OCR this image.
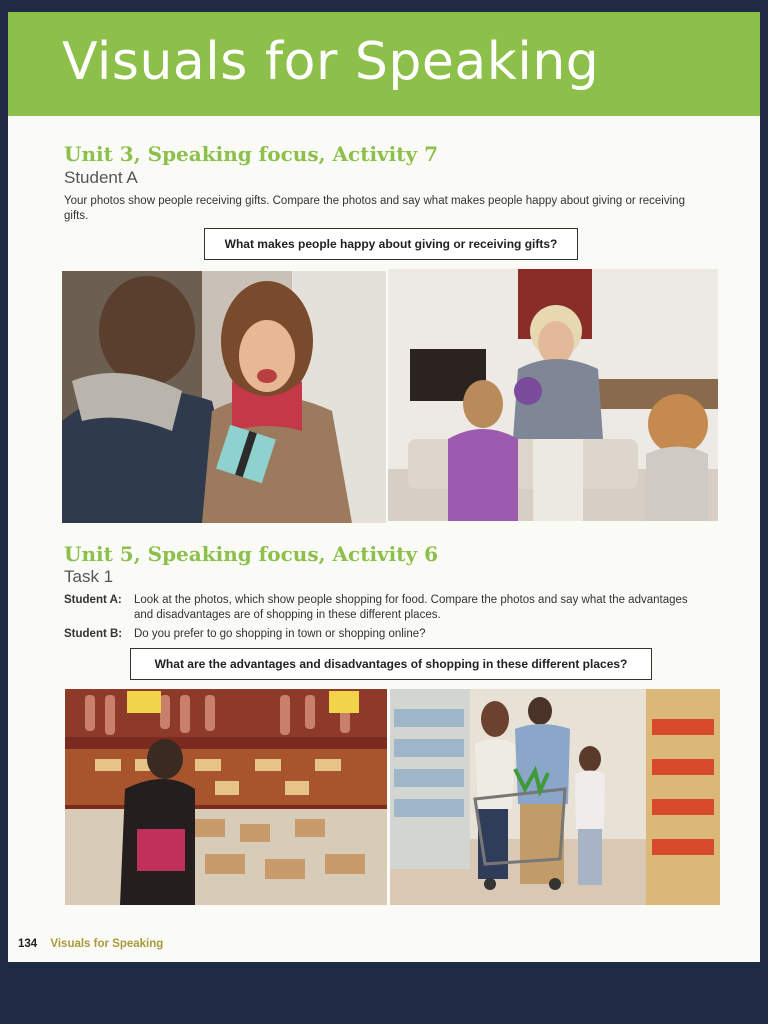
Visuals for Speaking
Unit 3, Speaking focus, Activity 7
Student A

Your photos show people receiving gifts. Compare the photos and say what makes people happy about giving or receiving gifts.

What makes people happy about giving or receiving gifts?
Unit 5, Speaking focus, Activity 6
Task 1
Student A: Look at the photos, which show people shopping for food. Compare the photos and say what the advantages and disadvantages are of shopping in these different places.
Student B: Do you prefer to go shopping in town or shopping online?
What are the advantages and disadvantages of shopping in these different places?
134 Visuals for Speaking
